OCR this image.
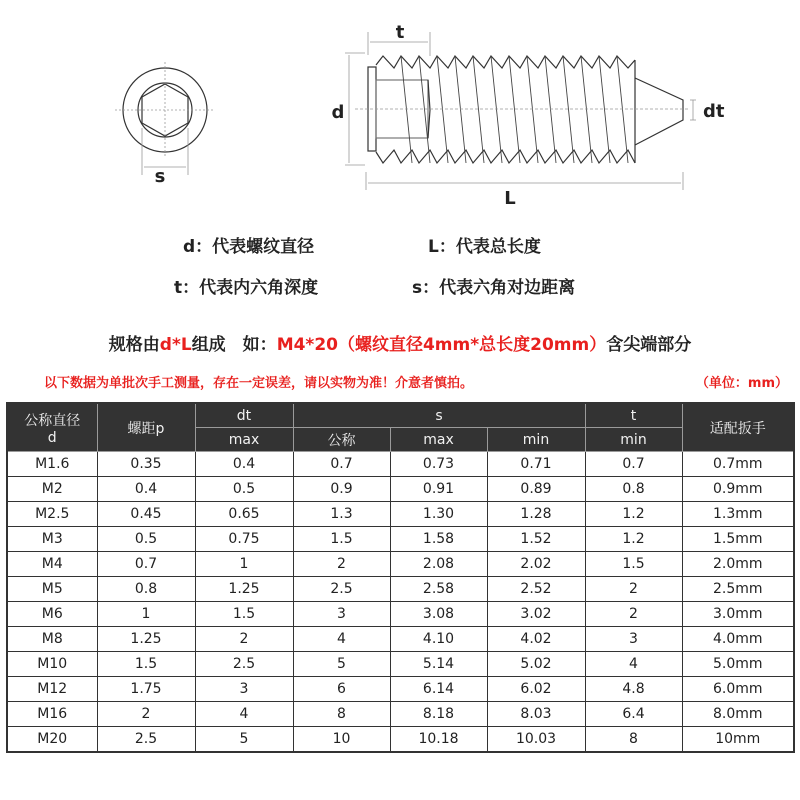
s
t
d
L
dt
d：代表螺纹直径	L：代表总长度
t：代表内六角深度	s：代表六角对边距离
规格由d*L组成　如：M4*20（螺纹直径4mm*总长度20mm）含尖端部分
以下数据为单批次手工测量，存在一定误差，请以实物为准！介意者慎拍。	（单位：mm）
公称直径
d	螺距p	dt	s			t	适配扳手
		max	公称	max	min	min	
M1.6	0.35	0.4	0.7	0.73	0.71	0.7	0.7mm
M2	0.4	0.5	0.9	0.91	0.89	0.8	0.9mm
M2.5	0.45	0.65	1.3	1.30	1.28	1.2	1.3mm
M3	0.5	0.75	1.5	1.58	1.52	1.2	1.5mm
M4	0.7	1	2	2.08	2.02	1.5	2.0mm
M5	0.8	1.25	2.5	2.58	2.52	2	2.5mm
M6	1	1.5	3	3.08	3.02	2	3.0mm
M8	1.25	2	4	4.10	4.02	3	4.0mm
M10	1.5	2.5	5	5.14	5.02	4	5.0mm
M12	1.75	3	6	6.14	6.02	4.8	6.0mm
M16	2	4	8	8.18	8.03	6.4	8.0mm
M20	2.5	5	10	10.18	10.03	8	10mm
